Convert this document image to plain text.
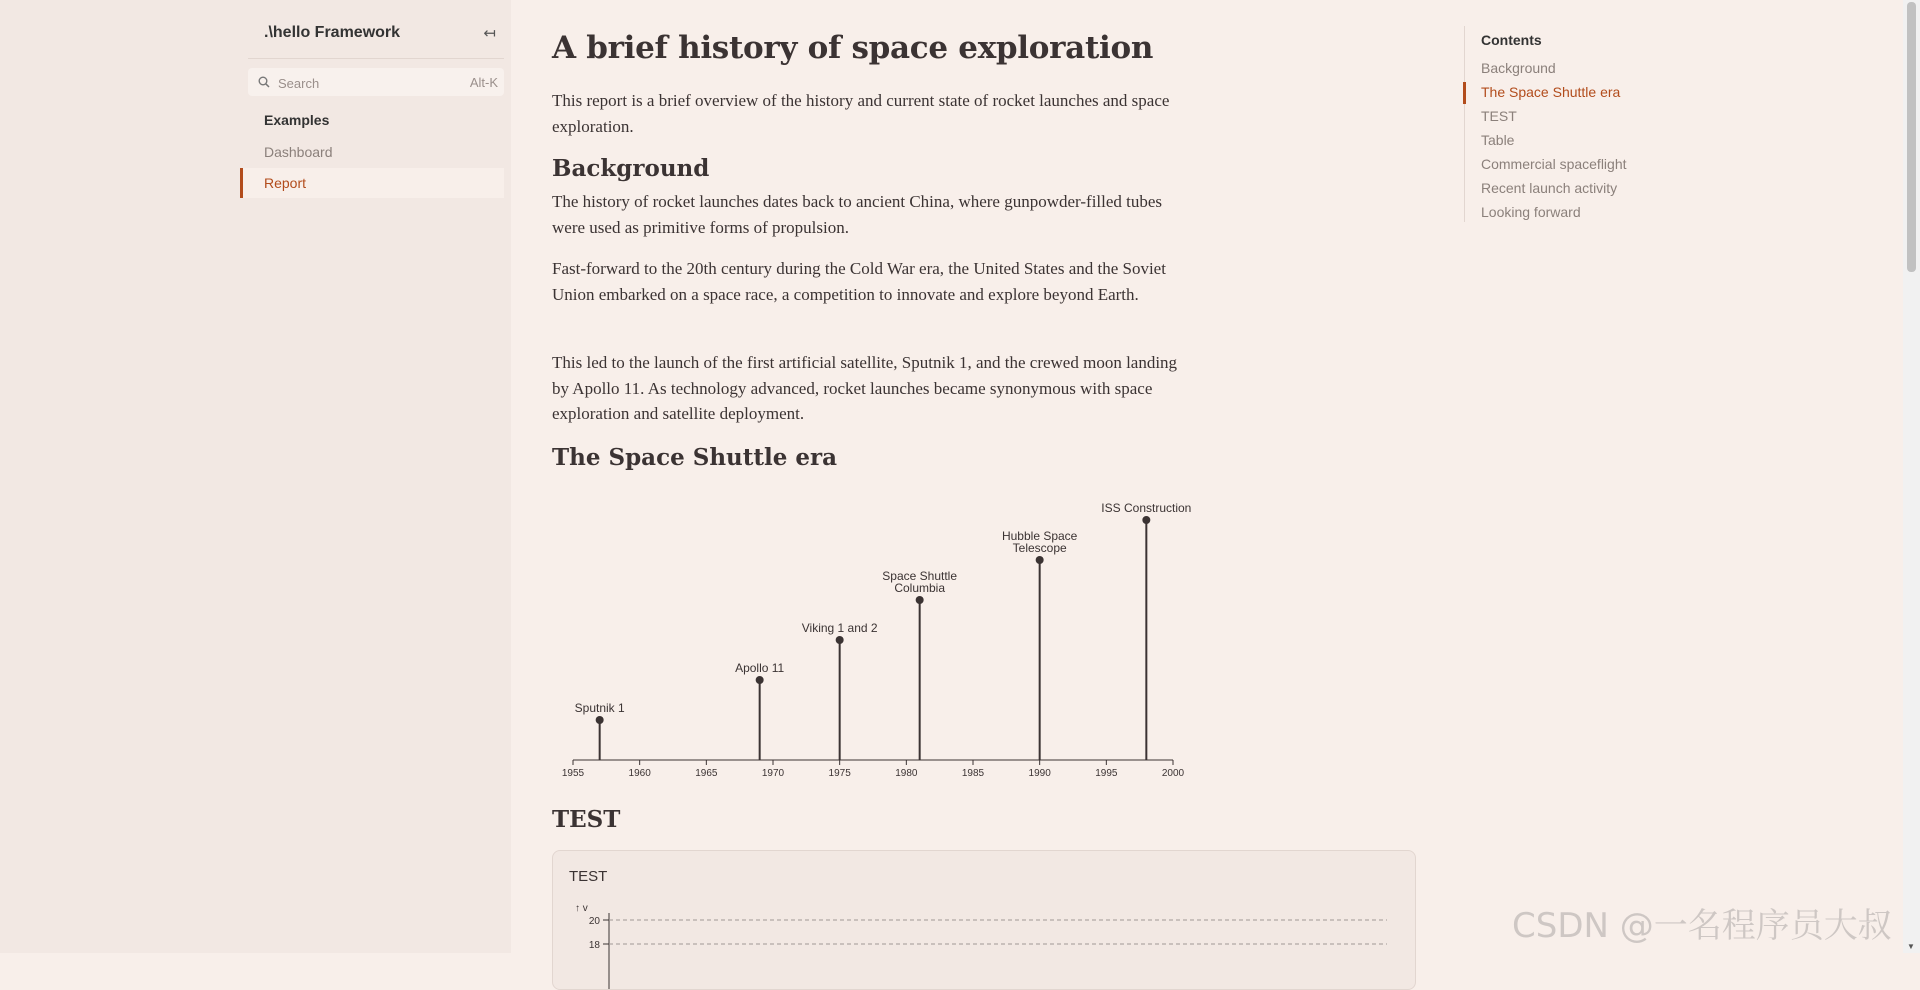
.\hello Framework	↤
Search
Alt-K
Examples
Dashboard
Report
A brief history of space exploration

This report is a brief overview of the history and current state of rocket launches and space exploration.

Background

The history of rocket launches dates back to ancient China, where gunpowder-filled tubes were used as primitive forms of propulsion.

Fast-forward to the 20th century during the Cold War era, the United States and the Soviet Union embarked on a space race, a competition to innovate and explore beyond Earth.

This led to the launch of the first artificial satellite, Sputnik 1, and the crewed moon landing by Apollo 11. As technology advanced, rocket launches became synonymous with space exploration and satellite deployment.

The Space Shuttle era
1955	1960	1965	1970	1975	1980	1985	1990	1995	2000
Sputnik 1
Apollo 11
Viking 1 and 2
Space Shuttle
Columbia
Hubble Space
Telescope
ISS Construction
TEST
TEST
↑ v
20
18
Contents
Background
The Space Shuttle era
TEST
Table
Commercial spaceflight
Recent launch activity
Looking forward
▼
CSDN @一名程序员大叔
